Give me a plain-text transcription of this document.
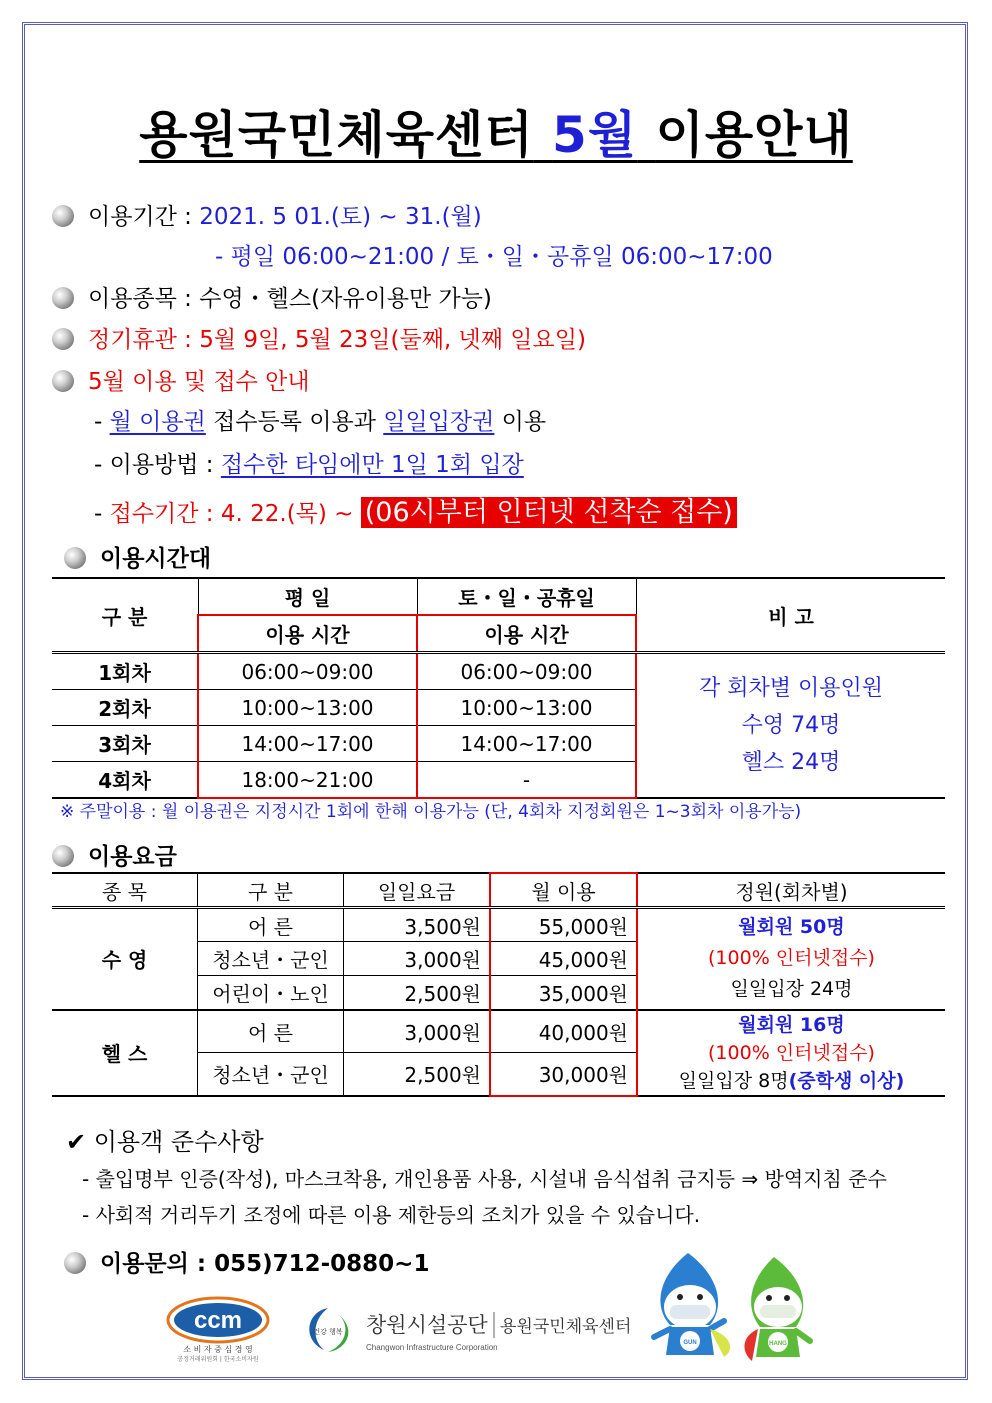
용원국민체육센터 5월 이용안내
이용기간 : 2021. 5 01.(토) ~ 31.(월)
- 평일 06:00~21:00 / 토・일・공휴일 06:00~17:00
이용종목 : 수영・헬스(자유이용만 가능)
정기휴관 : 5월 9일, 5월 23일(둘째, 넷째 일요일)
5월 이용 및 접수 안내
- 월 이용권 접수등록 이용과 일일입장권 이용
- 이용방법 : 접수한 타임에만 1일 1회 입장
- 접수기간 : 4. 22.(목) ~ (06시부터 인터넷 선착순 접수)
이용시간대
구 분	평 일	토・일・공휴일	비 고
	이용 시간	이용 시간	
1회차	06:00~09:00	06:00~09:00	각 회차별 이용인원
수영 74명
헬스 24명

2회차	10:00~13:00	10:00~13:00	
3회차	14:00~17:00	14:00~17:00	
4회차	18:00~21:00	-	
※ 주말이용 : 월 이용권은 지정시간 1회에 한해 이용가능 (단, 4회차 지정회원은 1~3회차 이용가능)
이용요금
종 목	구 분	일일요금	월 이용	정원(회차별)
수 영	어 른	3,500원	55,000원	월회원 50명
(100% 인터넷접수)
일일입장 24명

	청소년・군인	3,000원	45,000원	
	어린이・노인	2,500원	35,000원	
헬 스	어 른	3,000원	40,000원	월회원 16명
(100% 인터넷접수)
일일입장 8명(중학생 이상)

	청소년・군인	2,500원	30,000원	
✔ 이용객 준수사항
- 출입명부 인증(작성), 마스크착용, 개인용품 사용, 시설내 음식섭취 금지등 ⇒ 방역지침 준수
- 사회적 거리두기 조정에 따른 이용 제한등의 조치가 있을 수 있습니다.
이용문의 : 055)712-0880~1
ccm
소 비 자 중 심 경 영
공정거래위원회 | 한국소비자원
건강 행복 창원시설공단 용원국민체육센터
Changwon Infrastructure Corporation	GUN	HANG
